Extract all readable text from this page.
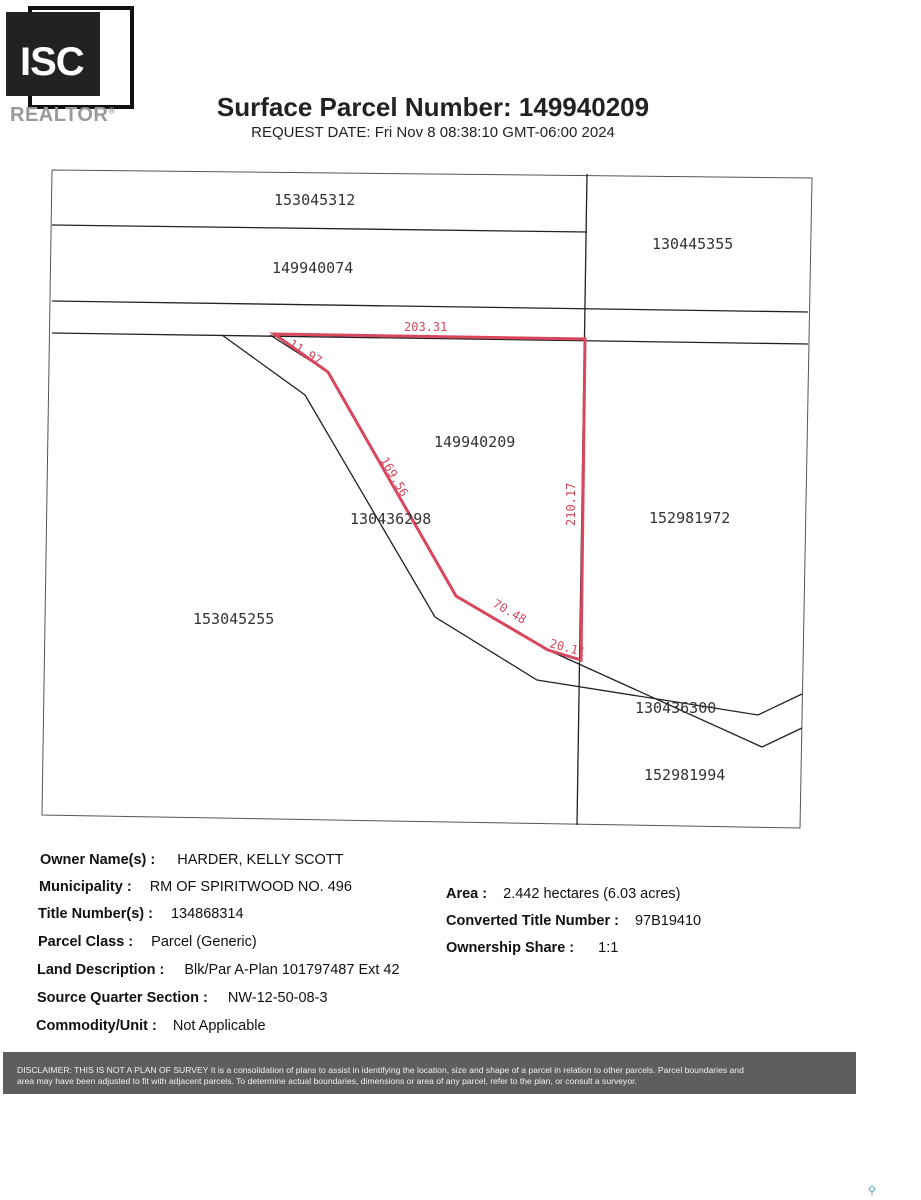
ISC
REALTOR®	Surface Parcel Number: 149940209
REQUEST DATE: Fri Nov 8 08:38:10 GMT-06:00 2024
153045312
149940074
130445355
149940209
130436298	152981972
153045255
130436300
152981994
203.31
11.97
169.56
210.17
70.48
20.11
Owner Name(s) : HARDER, KELLY SCOTT
Municipality : RM OF SPIRITWOOD NO. 496
Title Number(s) : 134868314
Parcel Class : Parcel (Generic)
Land Description : Blk/Par A-Plan 101797487 Ext 42
Source Quarter Section : NW-12-50-08-3
Commodity/Unit : Not Applicable
Area : 2.442 hectares (6.03 acres)
Converted Title Number : 97B19410
Ownership Share : 1:1
DISCLAIMER: THIS IS NOT A PLAN OF SURVEY It is a consolidation of plans to assist in identifying the location, size and shape of a parcel in relation to other parcels. Parcel boundaries and
area may have been adjusted to fit with adjacent parcels. To determine actual boundaries, dimensions or area of any parcel, refer to the plan, or consult a surveyor.
⚲
